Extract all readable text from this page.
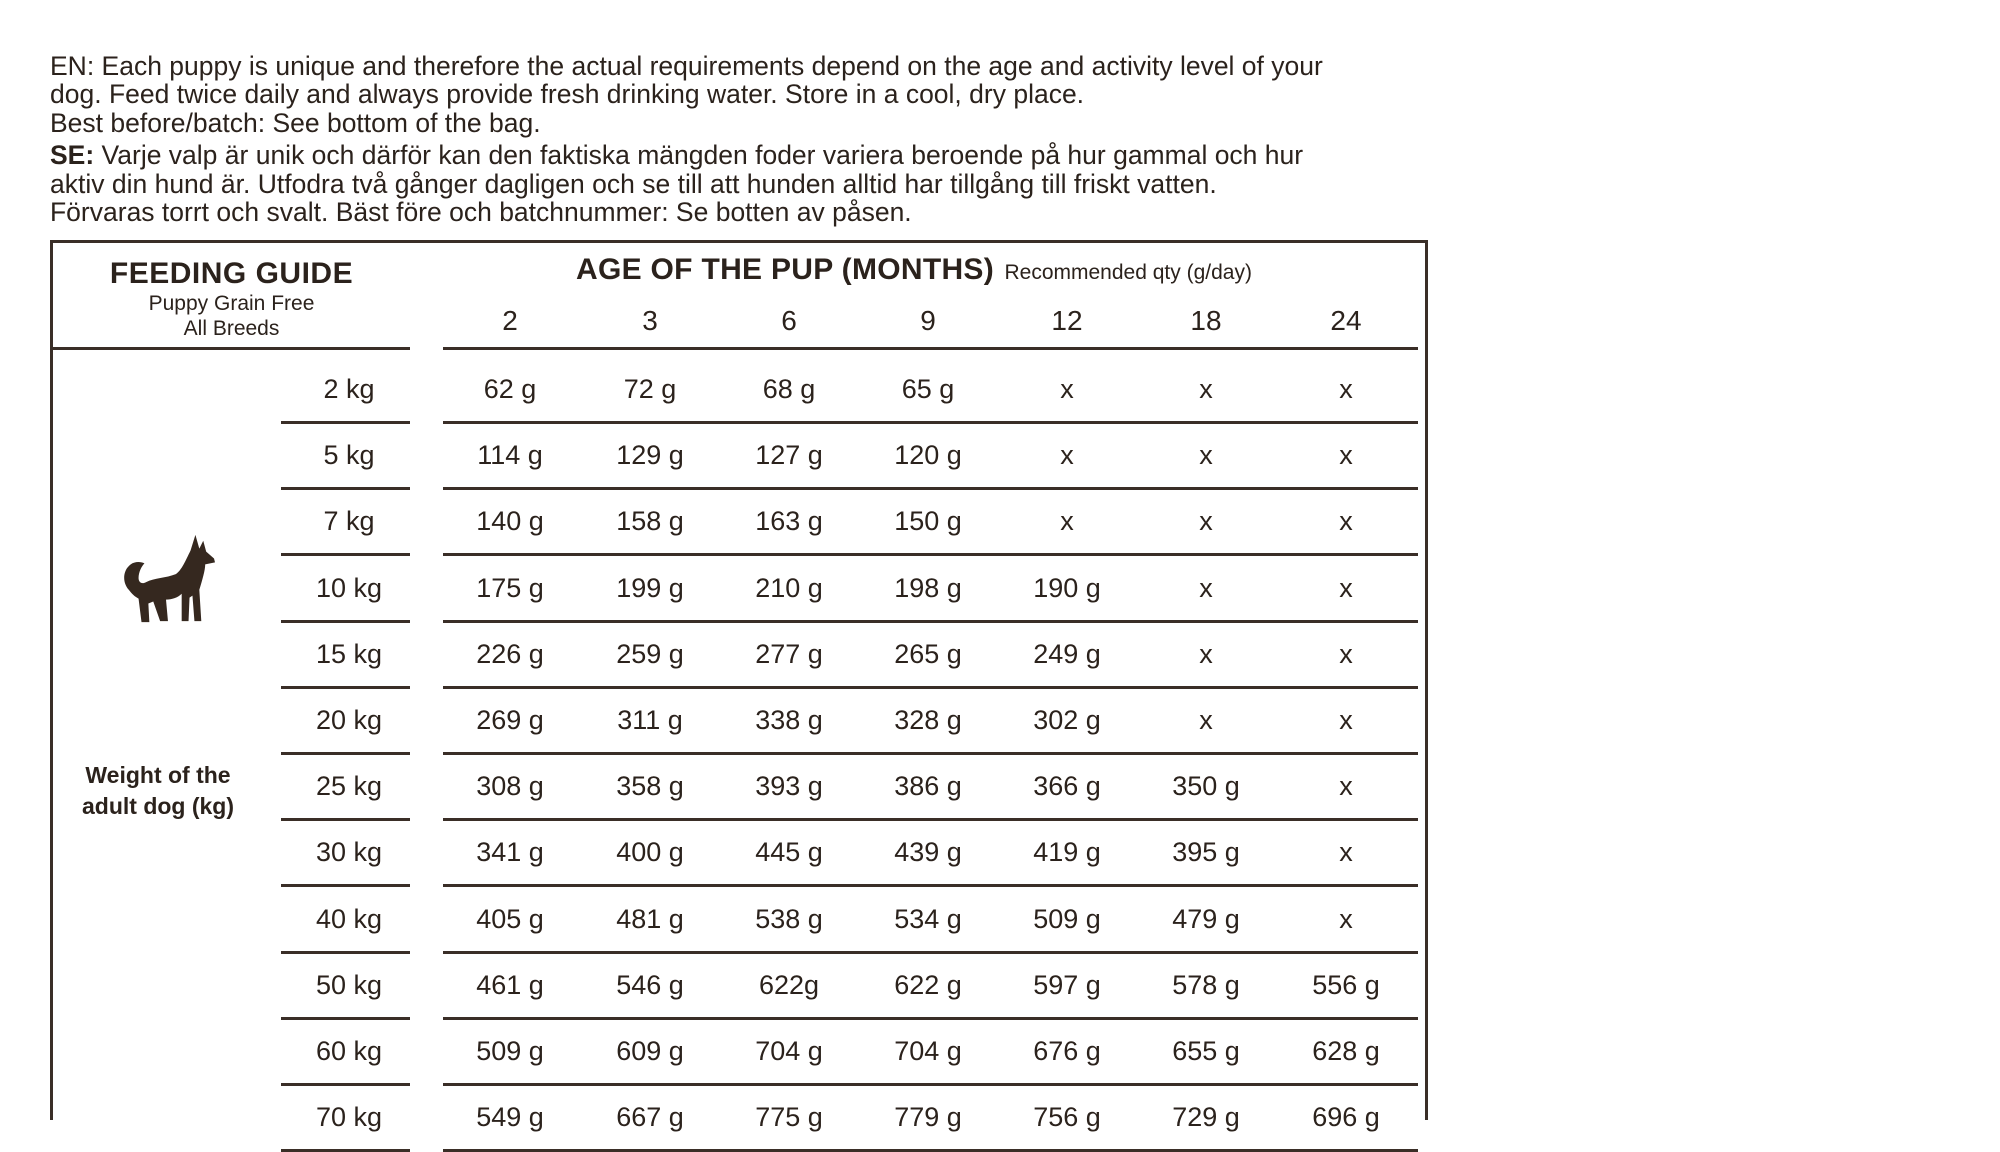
EN: Each puppy is unique and therefore the actual requirements depend on the age and activity level of your
dog. Feed twice daily and always provide fresh drinking water. Store in a cool, dry place.
Best before/batch: See bottom of the bag.

SE: Varje valp är unik och därför kan den faktiska mängden foder variera beroende på hur gammal och hur
aktiv din hund är. Utfodra två gånger dagligen och se till att hunden alltid har tillgång till friskt vatten.
Förvaras torrt och svalt. Bäst före och batchnummer: Se botten av påsen.

FEEDING GUIDE
Puppy Grain Free
All Breeds
AGE OF THE PUP (MONTHS) Recommended qty (g/day)
2	3	6	9	12	18	24
2 kg	62 g	72 g	68 g	65 g	x	x	x
5 kg	114 g	129 g	127 g	120 g	x	x	x
7 kg	140 g	158 g	163 g	150 g	x	x	x
10 kg	175 g	199 g	210 g	198 g	190 g	x	x
15 kg	226 g	259 g	277 g	265 g	249 g	x	x
20 kg	269 g	311 g	338 g	328 g	302 g	x	x
25 kg	308 g	358 g	393 g	386 g	366 g	350 g	x
30 kg	341 g	400 g	445 g	439 g	419 g	395 g	x
40 kg	405 g	481 g	538 g	534 g	509 g	479 g	x
50 kg	461 g	546 g	622g	622 g	597 g	578 g	556 g
60 kg	509 g	609 g	704 g	704 g	676 g	655 g	628 g
70 kg	549 g	667 g	775 g	779 g	756 g	729 g	696 g
Weight of the
adult dog (kg)
